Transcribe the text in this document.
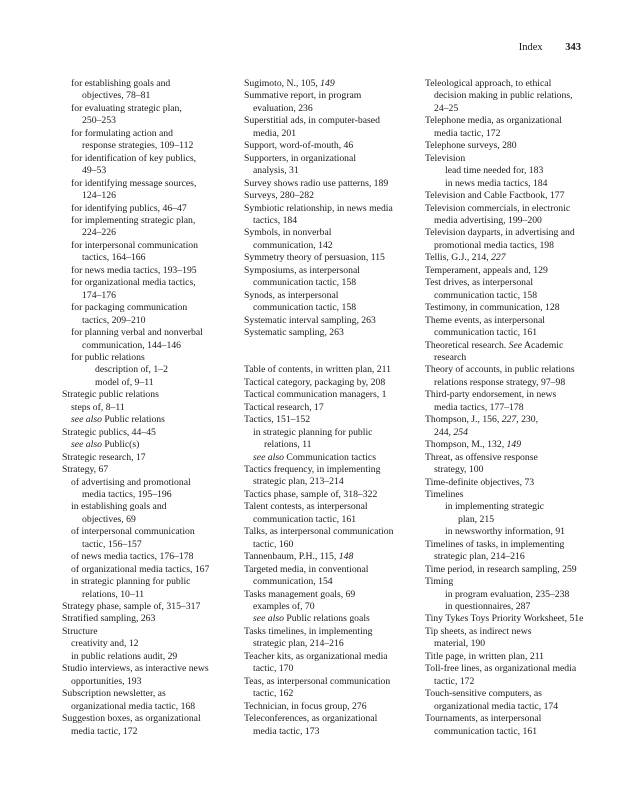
Index 343
for establishing goals and
objectives, 78–81
for evaluating strategic plan,
250–253
for formulating action and
response strategies, 109–112
for identification of key publics,
49–53
for identifying message sources,
124–126
for identifying publics, 46–47
for implementing strategic plan,
224–226
for interpersonal communication
tactics, 164–166
for news media tactics, 193–195
for organizational media tactics,
174–176
for packaging communication
tactics, 209–210
for planning verbal and nonverbal
communication, 144–146
for public relations
description of, 1–2
model of, 9–11
Strategic public relations
steps of, 8–11
see also Public relations
Strategic publics, 44–45
see also Public(s)
Strategic research, 17
Strategy, 67
of advertising and promotional
media tactics, 195–196
in establishing goals and
objectives, 69
of interpersonal communication
tactic, 156–157
of news media tactics, 176–178
of organizational media tactics, 167
in strategic planning for public
relations, 10–11
Strategy phase, sample of, 315–317
Stratified sampling, 263
Structure
creativity and, 12
in public relations audit, 29
Studio interviews, as interactive news
opportunities, 193
Subscription newsletter, as
organizational media tactic, 168
Suggestion boxes, as organizational
media tactic, 172
Sugimoto, N., 105, 149
Summative report, in program
evaluation, 236
Superstitial ads, in computer-based
media, 201
Support, word-of-mouth, 46
Supporters, in organizational
analysis, 31
Survey shows radio use patterns, 189
Surveys, 280–282
Symbiotic relationship, in news media
tactics, 184
Symbols, in nonverbal
communication, 142
Symmetry theory of persuasion, 115
Symposiums, as interpersonal
communication tactic, 158
Synods, as interpersonal
communication tactic, 158
Systematic interval sampling, 263
Systematic sampling, 263
Table of contents, in written plan, 211
Tactical category, packaging by, 208
Tactical communication managers, 1
Tactical research, 17
Tactics, 151–152
in strategic planning for public
relations, 11
see also Communication tactics
Tactics frequency, in implementing
strategic plan, 213–214
Tactics phase, sample of, 318–322
Talent contests, as interpersonal
communication tactic, 161
Talks, as interpersonal communication
tactic, 160
Tannenbaum, P.H., 115, 148
Targeted media, in conventional
communication, 154
Tasks management goals, 69
examples of, 70
see also Public relations goals
Tasks timelines, in implementing
strategic plan, 214–216
Teacher kits, as organizational media
tactic, 170
Teas, as interpersonal communication
tactic, 162
Technician, in focus group, 276
Teleconferences, as organizational
media tactic, 173
Teleological approach, to ethical
decision making in public relations,
24–25
Telephone media, as organizational
media tactic, 172
Telephone surveys, 280
Television
lead time needed for, 183
in news media tactics, 184
Television and Cable Factbook, 177
Television commercials, in electronic
media advertising, 199–200
Television dayparts, in advertising and
promotional media tactics, 198
Tellis, G.J., 214, 227
Temperament, appeals and, 129
Test drives, as interpersonal
communication tactic, 158
Testimony, in communication, 128
Theme events, as interpersonal
communication tactic, 161
Theoretical research. See Academic
research
Theory of accounts, in public relations
relations response strategy, 97–98
Third-party endorsement, in news
media tactics, 177–178
Thompson, J., 156, 227, 230,
244, 254
Thompson, M., 132, 149
Threat, as offensive response
strategy, 100
Time-definite objectives, 73
Timelines
in implementing strategic
plan, 215
in newsworthy information, 91
Timelines of tasks, in implementing
strategic plan, 214–216
Time period, in research sampling, 259
Timing
in program evaluation, 235–238
in questionnaires, 287
Tiny Tykes Toys Priority Worksheet, 51e
Tip sheets, as indirect news
material, 190
Title page, in written plan, 211
Toll-free lines, as organizational media
tactic, 172
Touch-sensitive computers, as
organizational media tactic, 174
Tournaments, as interpersonal
communication tactic, 161
